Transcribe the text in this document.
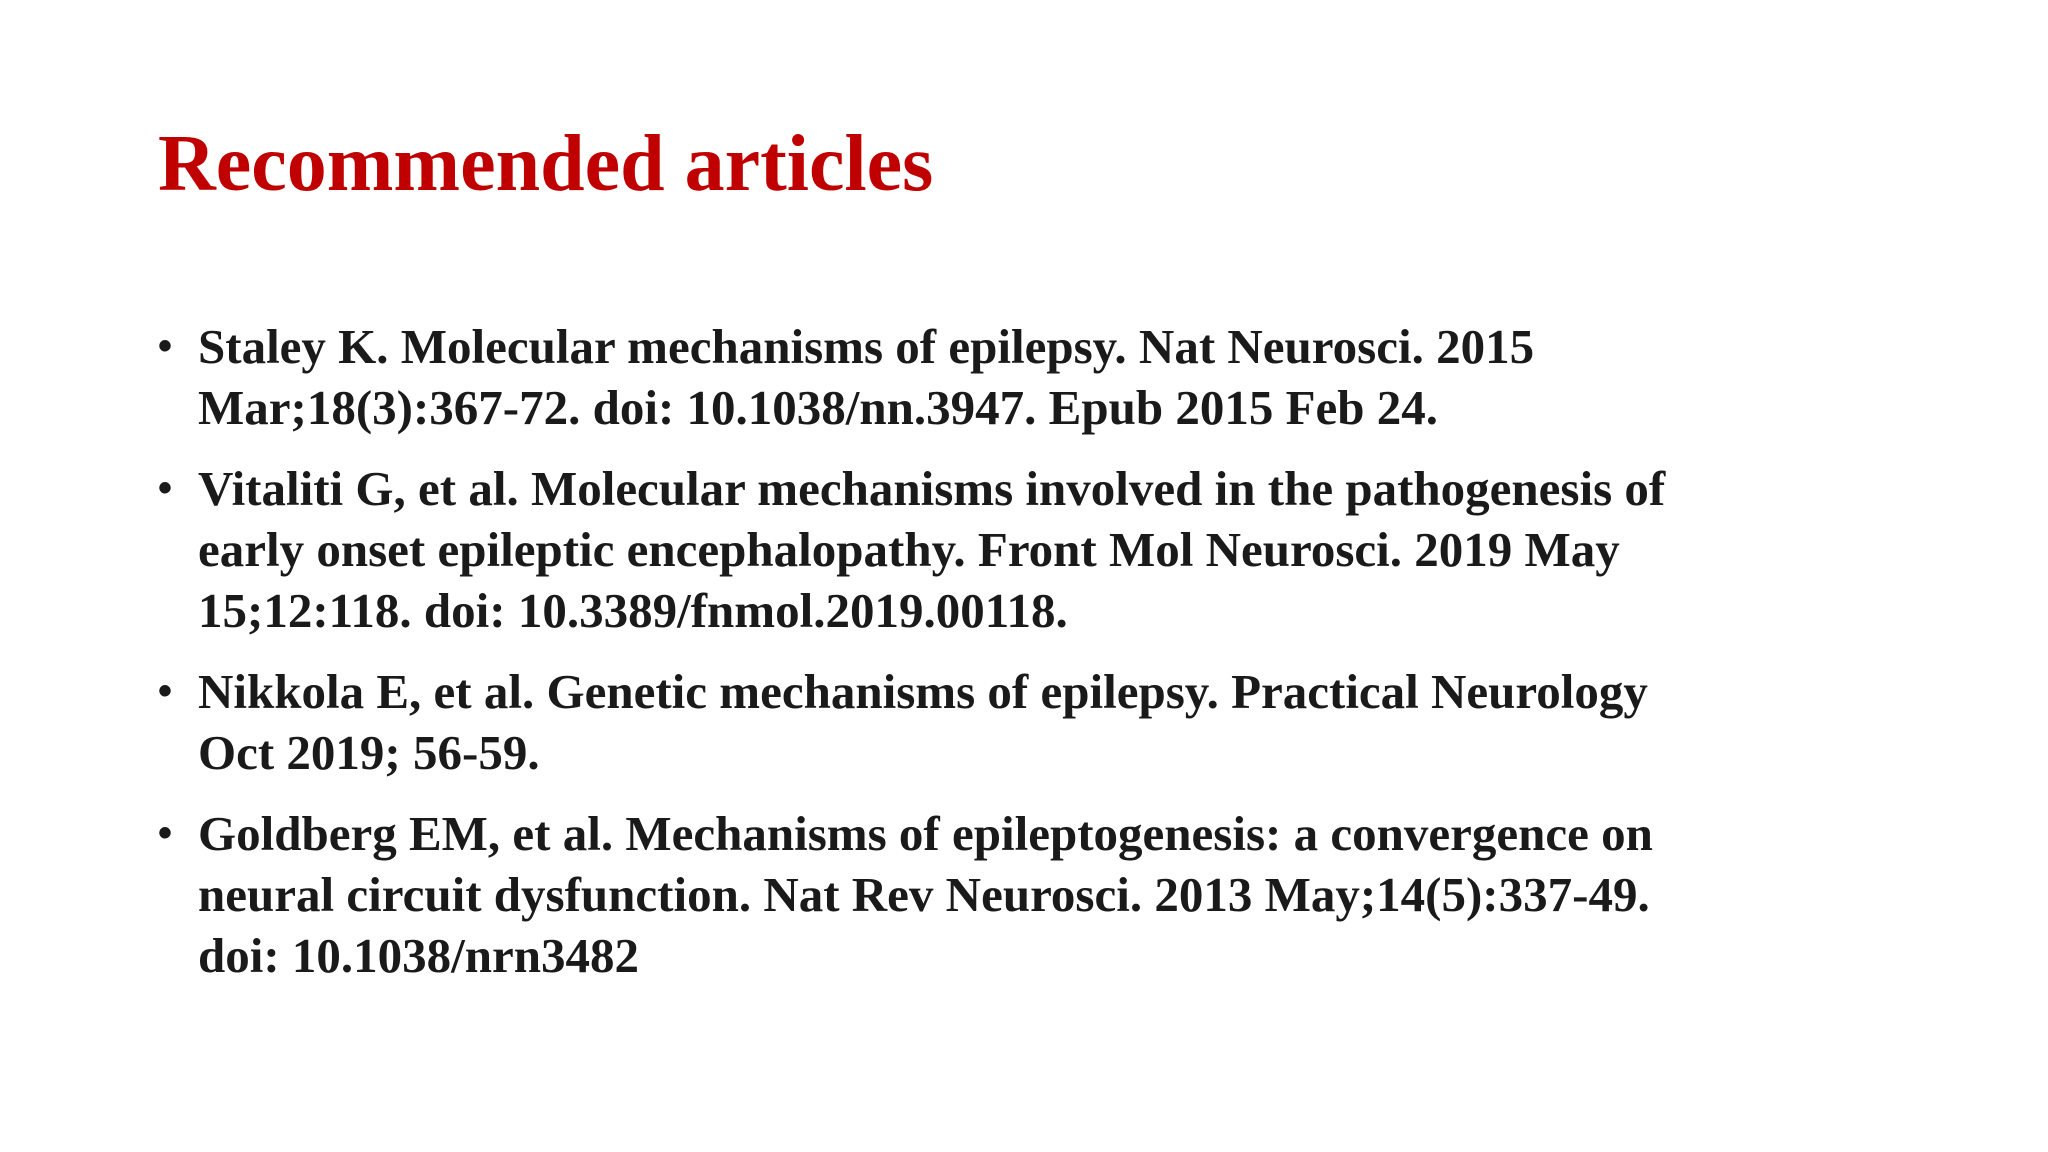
Recommended articles
• Staley K. Molecular mechanisms of epilepsy. Nat Neurosci. 2015
Mar;18(3):367-72. doi: 10.1038/nn.3947. Epub 2015 Feb 24.
• Vitaliti G, et al. Molecular mechanisms involved in the pathogenesis of
early onset epileptic encephalopathy. Front Mol Neurosci. 2019 May
15;12:118. doi: 10.3389/fnmol.2019.00118.
• Nikkola E, et al. Genetic mechanisms of epilepsy. Practical Neurology
Oct 2019; 56-59.
• Goldberg EM, et al. Mechanisms of epileptogenesis: a convergence on
neural circuit dysfunction. Nat Rev Neurosci. 2013 May;14(5):337-49.
doi: 10.1038/nrn3482
